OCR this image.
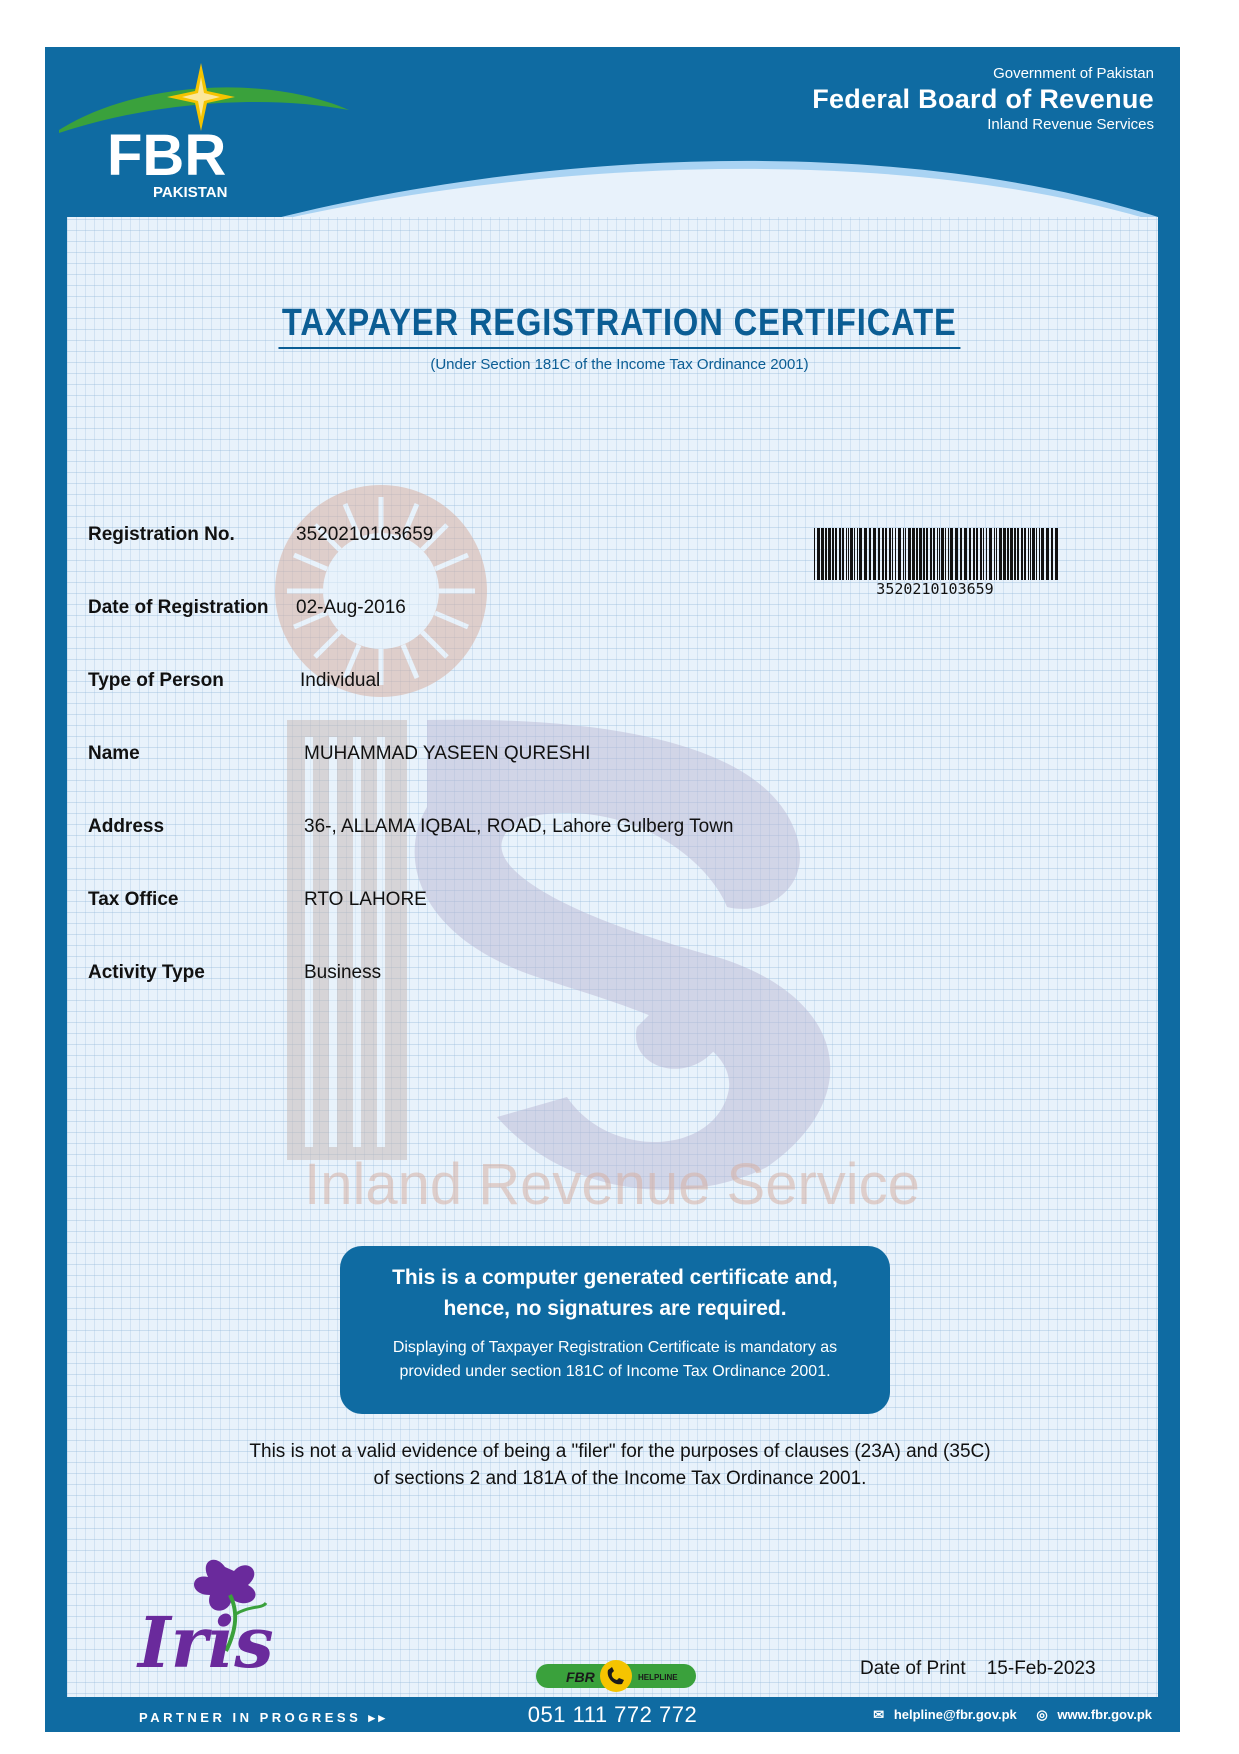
FBR
PAKISTAN
Government of Pakistan
Federal Board of Revenue
Inland Revenue Services
Inland Revenue Service
TAXPAYER REGISTRATION CERTIFICATE
(Under Section 181C of the Income Tax Ordinance 2001)
Registration No.	3520210103659
Date of Registration 02-Aug-2016
Type of Person	Individual
Name	MUHAMMAD YASEEN QURESHI
Address	36-, ALLAMA IQBAL, ROAD, Lahore Gulberg Town
Tax Office	RTO LAHORE
Activity Type	Business
3520210103659
This is a computer generated certificate and,
hence, no signatures are required.
Displaying of Taxpayer Registration Certificate is mandatory as
provided under section 181C of Income Tax Ordinance 2001.
This is not a valid evidence of being a "filer" for the purposes of clauses (23A) and (35C)
of sections 2 and 181A of the Income Tax Ordinance 2001.
Iris	Date of Print 15-Feb-2023
FBR	HELPLINE
PARTNER IN PROGRESS ▸▸	051 111 772 772	✉ helpline@fbr.gov.pk ◎ www.fbr.gov.pk
